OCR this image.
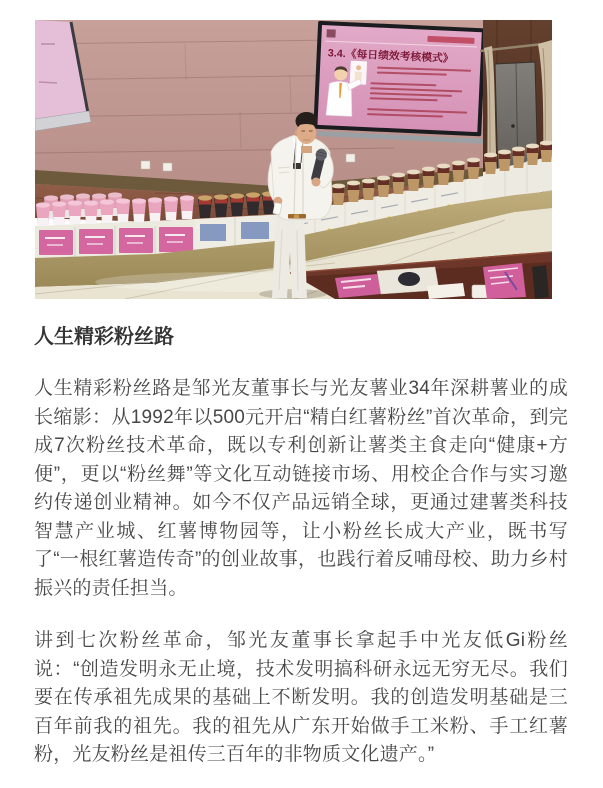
3.4.《每日绩效考核模式》
人生精彩粉丝路

人生精彩粉丝路是邹光友董事长与光友薯业34年深耕薯业的成长缩影：从1992年以500元开启“精白红薯粉丝”首次革命，到完成7次粉丝技术革命，既以专利创新让薯类主食走向“健康+方便”，更以“粉丝舞”等文化互动链接市场、用校企合作与实习邀约传递创业精神。如今不仅产品远销全球，更通过建薯类科技智慧产业城、红薯博物园等，让小粉丝长成大产业，既书写了“一根红薯造传奇”的创业故事，也践行着反哺母校、助力乡村振兴的责任担当。

讲到七次粉丝革命，邹光友董事长拿起手中光友低Gi粉丝说：“创造发明永无止境，技术发明搞科研永远无穷无尽。我们要在传承祖先成果的基础上不断发明。我的创造发明基础是三百年前我的祖先。我的祖先从广东开始做手工米粉、手工红薯粉，光友粉丝是祖传三百年的非物质文化遗产。”
